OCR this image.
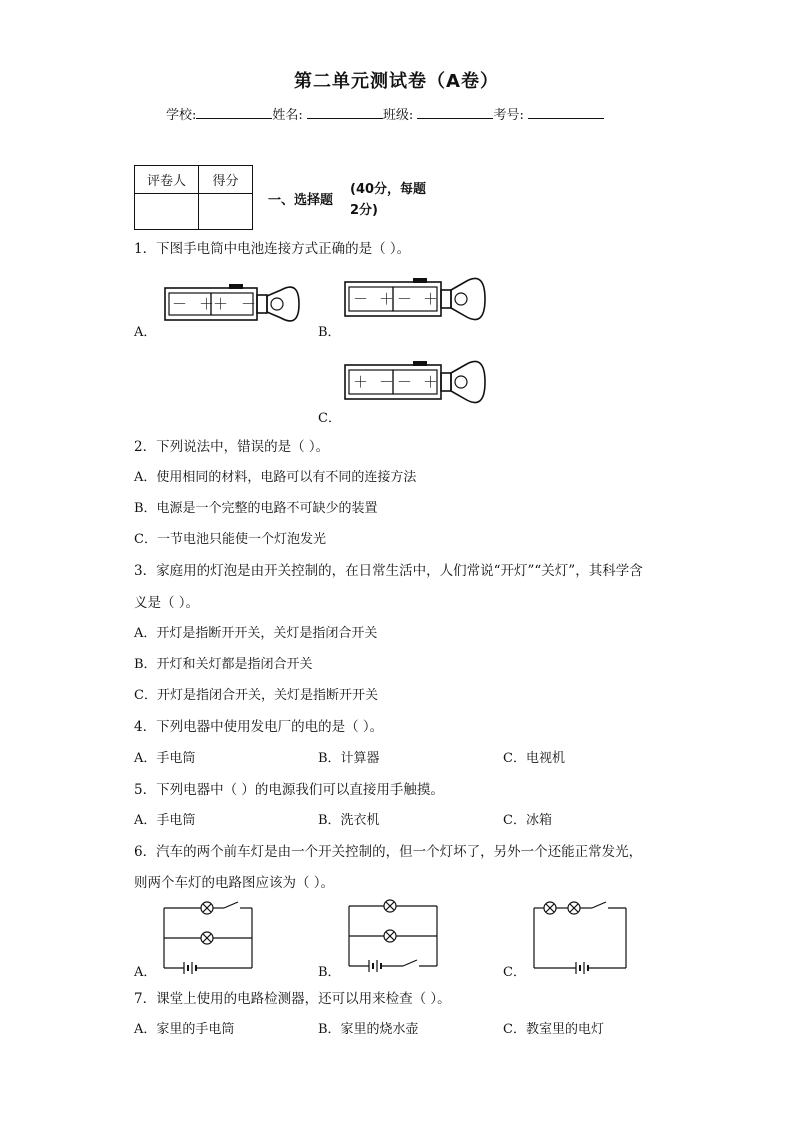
第二单元测试卷（A卷）
学校:	姓名:	班级:	考号:
评卷人	得分

一、选择题
(40分，每题2分)
1．下图手电筒中电池连接方式正确的是（ ）。
A．	B．
C．
－ ＋
＋ －	－ ＋ － ＋
＋ － － ＋
2．下列说法中，错误的是（ ）。
A．使用相同的材料，电路可以有不同的连接方法
B．电源是一个完整的电路不可缺少的装置
C．一节电池只能使一个灯泡发光
3．家庭用的灯泡是由开关控制的，在日常生活中，人们常说“开灯”“关灯”，其科学含
义是（ ）。
A．开灯是指断开开关，关灯是指闭合开关
B．开灯和关灯都是指闭合开关
C．开灯是指闭合开关，关灯是指断开开关
4．下列电器中使用发电厂的电的是（ ）。
A．手电筒	B．计算器	C．电视机
5．下列电器中（ ）的电源我们可以直接用手触摸。
A．手电筒	B．洗衣机	C．冰箱
6．汽车的两个前车灯是由一个开关控制的，但一个灯坏了，另外一个还能正常发光，
则两个车灯的电路图应该为（ ）。
A．	B．	C．
7．课堂上使用的电路检测器，还可以用来检查（ ）。
A．家里的手电筒	B．家里的烧水壶	C．教室里的电灯
